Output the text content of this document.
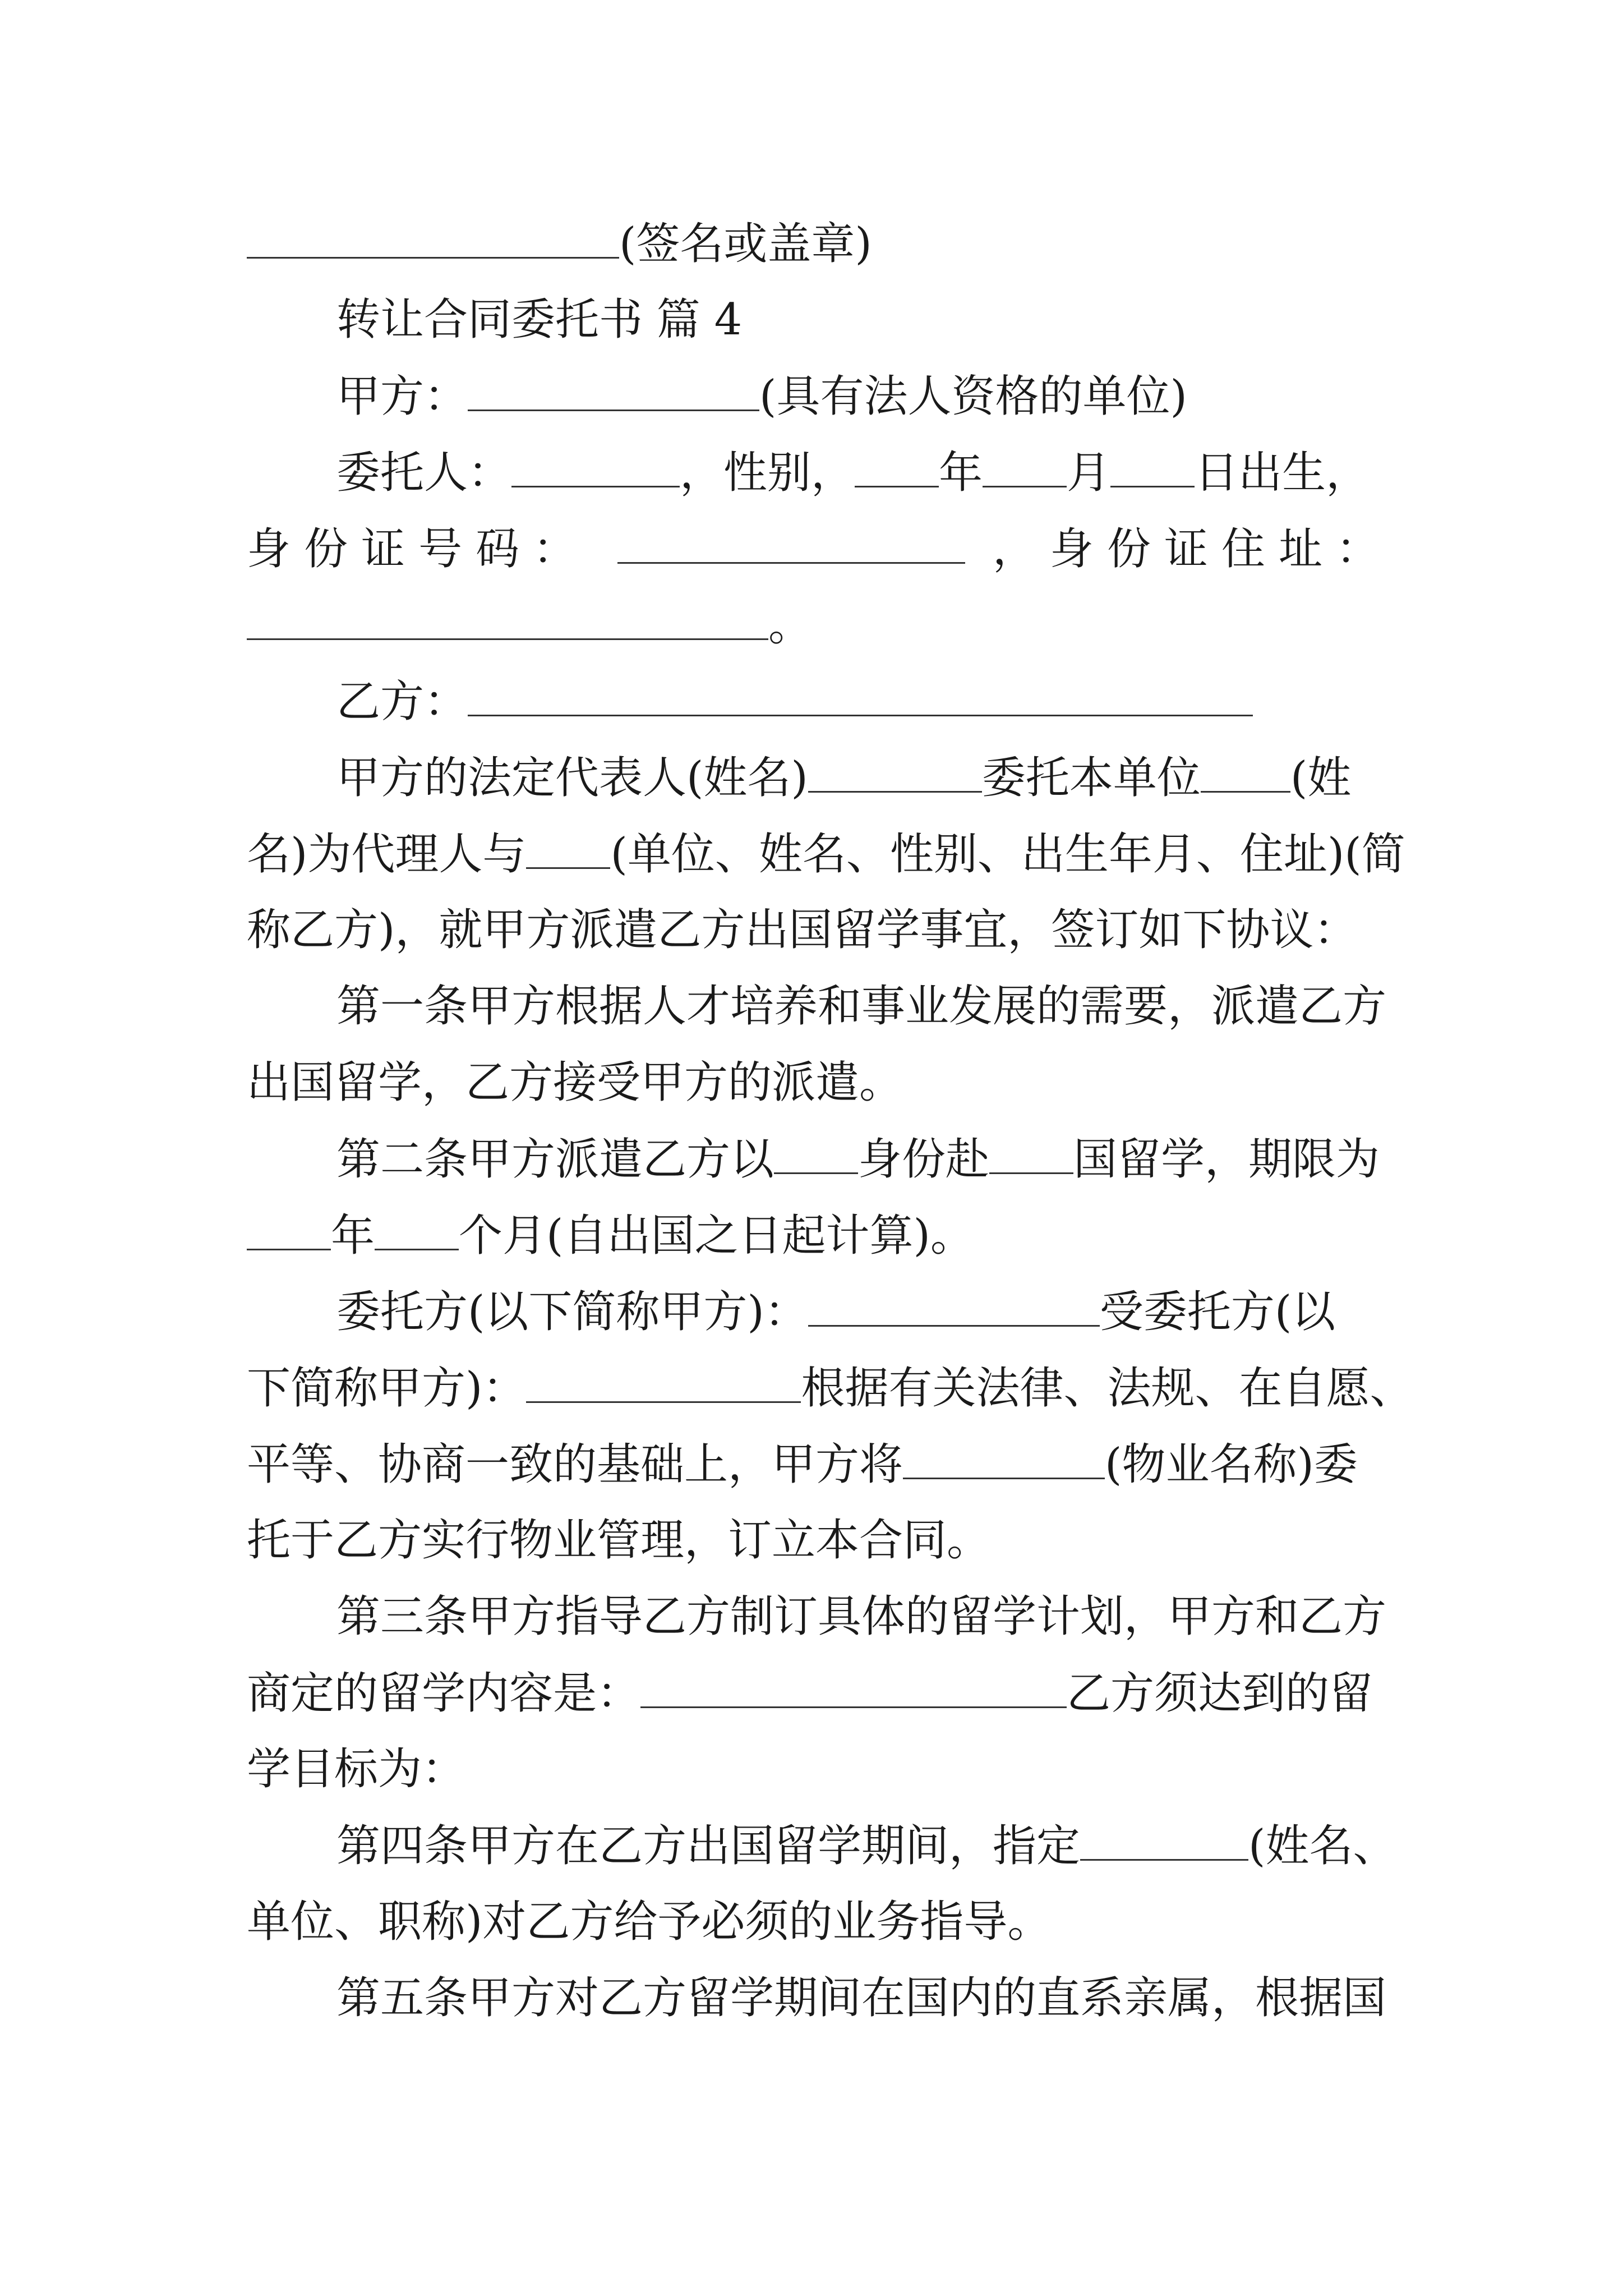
(签名或盖章)
转让合同委托书 篇 4
甲方：	(具有法人资格的单位)
委托人：	，性别， 年 月 日出生，
身份证号码：	，身份证住址：
。
乙方：
甲方的法定代表人(姓名)	委托本单位 (姓
名)为代理人与 (单位、姓名、性别、出生年月、住址)(简
称乙方)，就甲方派遣乙方出国留学事宜，签订如下协议：
第一条甲方根据人才培养和事业发展的需要，派遣乙方
出国留学，乙方接受甲方的派遣。
第二条甲方派遣乙方以 身份赴 国留学，期限为
年 个月(自出国之日起计算)。
委托方(以下简称甲方)：	受委托方(以
下简称甲方)：	根据有关法律、法规、在自愿、
平等、协商一致的基础上，甲方将	(物业名称)委
托于乙方实行物业管理，订立本合同。
第三条甲方指导乙方制订具体的留学计划，甲方和乙方
商定的留学内容是：	乙方须达到的留
学目标为：
第四条甲方在乙方出国留学期间，指定	(姓名、
单位、职称)对乙方给予必须的业务指导。
第五条甲方对乙方留学期间在国内的直系亲属，根据国
